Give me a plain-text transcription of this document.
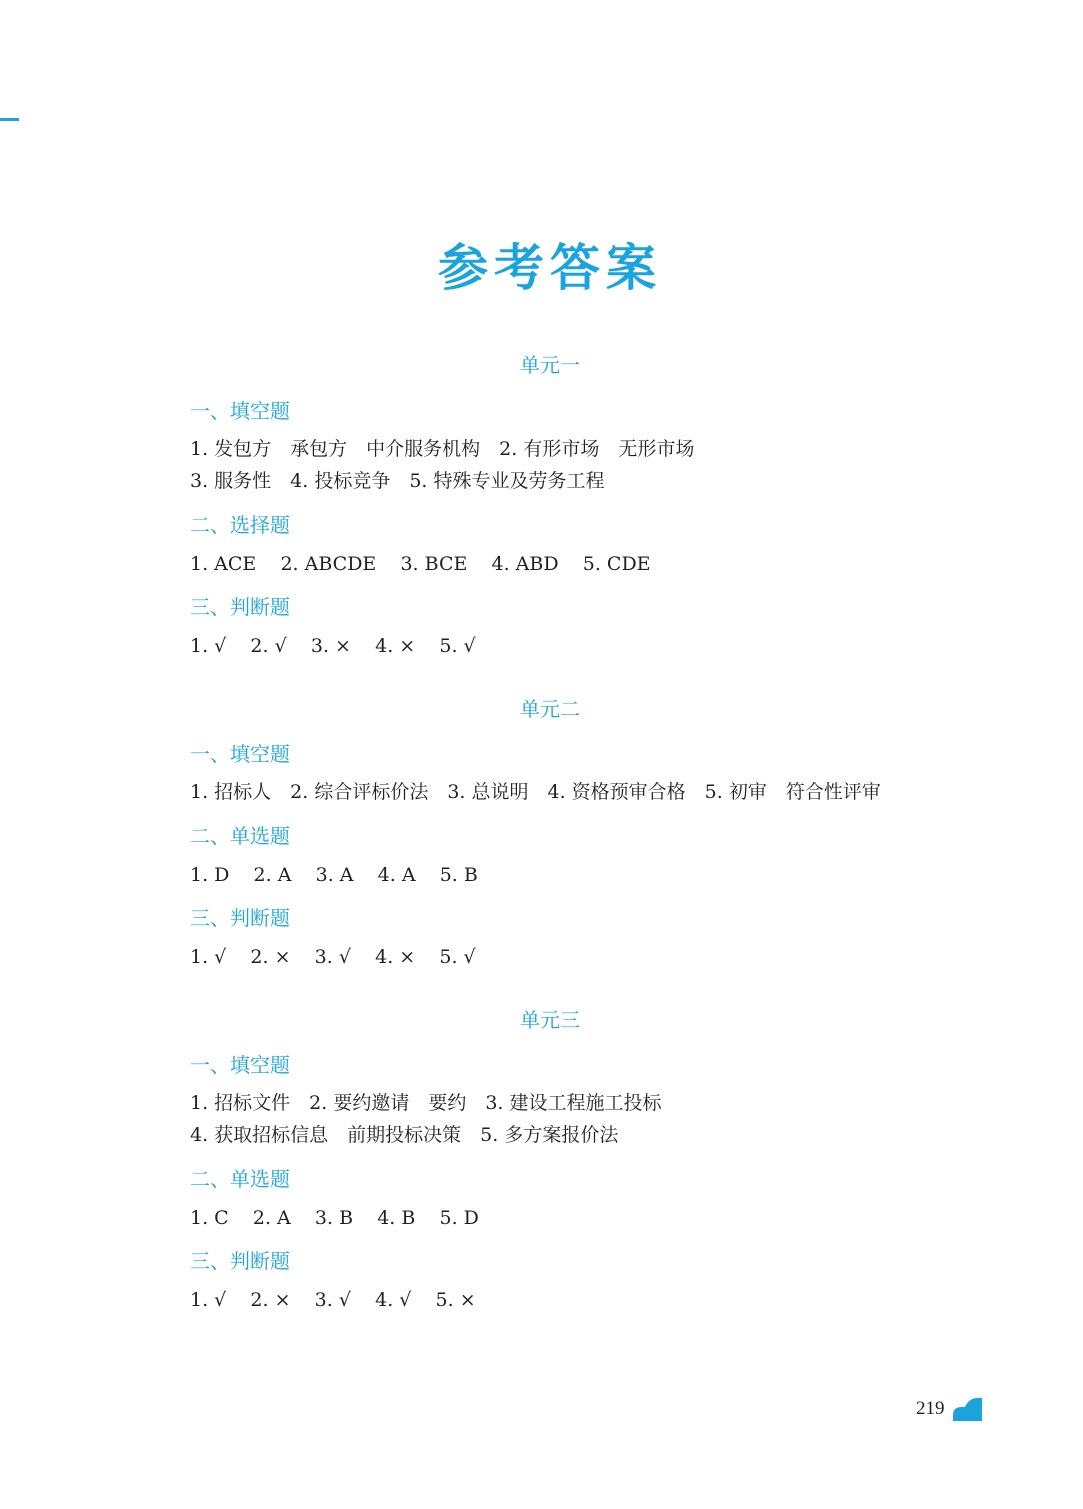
参考答案
单元一
一、填空题
1. 发包方　承包方　中介服务机构　2. 有形市场　无形市场
3. 服务性　4. 投标竞争　5. 特殊专业及劳务工程
二、选择题
1. ACE    2. ABCDE    3. BCE    4. ABD    5. CDE
三、判断题
1. √    2. √    3. ×    4. ×    5. √
单元二
一、填空题
1. 招标人　2. 综合评标价法　3. 总说明　4. 资格预审合格　5. 初审　符合性评审
二、单选题
1. D    2. A    3. A    4. A    5. B
三、判断题
1. √    2. ×    3. √    4. ×    5. √
单元三
一、填空题
1. 招标文件　2. 要约邀请　要约　3. 建设工程施工投标
4. 获取招标信息　前期投标决策　5. 多方案报价法
二、单选题
1. C    2. A    3. B    4. B    5. D
三、判断题
1. √    2. ×    3. √    4. √    5. ×
219
